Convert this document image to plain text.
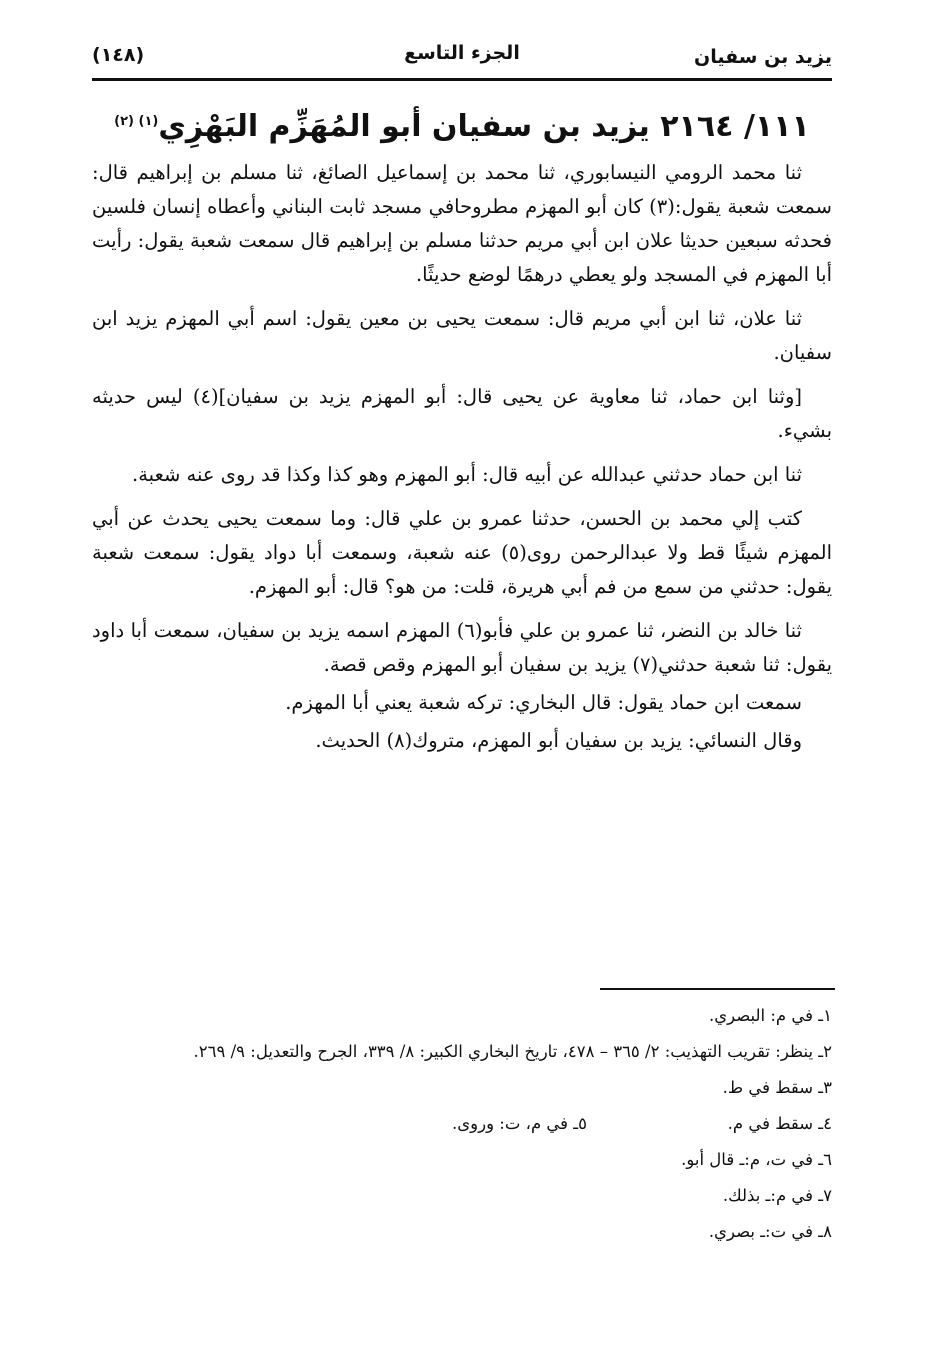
يزيد بن سفيان
الجزء التاسع
(١٤٨)
١١١/ ٢١٦٤ يزيد بن سفيان أبو المُهَزِّم البَهْزِي$^{(١) (٢)}$

ثنا محمد الرومي النيسابوري، ثنا محمد بن إسماعيل الصائغ، ثنا مسلم بن إبراهيم قال: سمعت شعبة يقول:(٣) كان أبو المهزم مطروحافي مسجد ثابت البناني وأعطاه إنسان فلسين فحدثه سبعين حديثا علان ابن أبي مريم حدثنا مسلم بن إبراهيم قال سمعت شعبة يقول: رأيت أبا المهزم في المسجد ولو يعطي درهمًا لوضع حديثًا.

ثنا علان، ثنا ابن أبي مريم قال: سمعت يحيى بن معين يقول: اسم أبي المهزم يزيد ابن سفيان.

[وثنا ابن حماد، ثنا معاوية عن يحيى قال: أبو المهزم يزيد بن سفيان](٤) ليس حديثه بشيء.

ثنا ابن حماد حدثني عبدالله عن أبيه قال: أبو المهزم وهو كذا وكذا قد روى عنه شعبة.

كتب إلي محمد بن الحسن، حدثنا عمرو بن علي قال: وما سمعت يحيى يحدث عن أبي المهزم شيئًا قط ولا عبدالرحمن روى(٥) عنه شعبة، وسمعت أبا دواد يقول: سمعت شعبة يقول: حدثني من سمع من فم أبي هريرة، قلت: من هو؟ قال: أبو المهزم.

ثنا خالد بن النضر، ثنا عمرو بن علي فأبو(٦) المهزم اسمه يزيد بن سفيان، سمعت أبا داود يقول: ثنا شعبة حدثني(٧) يزيد بن سفيان أبو المهزم وقص قصة.

سمعت ابن حماد يقول: قال البخاري: تركه شعبة يعني أبا المهزم.

وقال النسائي: يزيد بن سفيان أبو المهزم، متروك(٨) الحديث.

١ـ في م: البصري.
٢ـ ينظر: تقريب التهذيب: ٢/ ٣٦٥ – ٤٧٨، تاريخ البخاري الكبير: ٨/ ٣٣٩، الجرح والتعديل: ٩/ ٢٦٩.
٣ـ سقط في ط.
٤ـ سقط في م.
٥ـ في م، ت: وروى.
٦ـ في ت، م:ـ قال أبو.
٧ـ في م:ـ بذلك.
٨ـ في ت:ـ بصري.
